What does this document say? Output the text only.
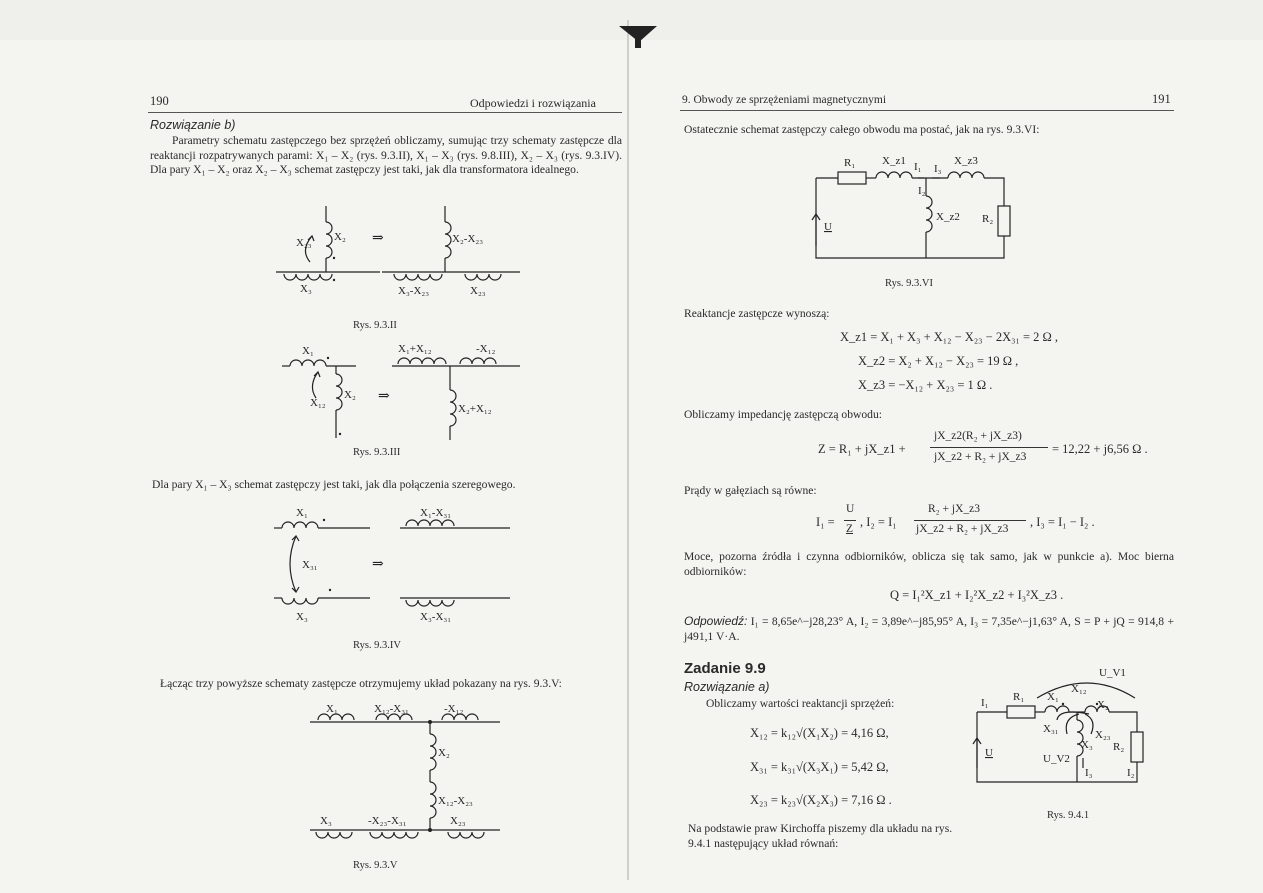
190	Odpowiedzi i rozwiązania
Rozwiązanie b)
Parametry schematu zastępczego bez sprzężeń obliczamy, sumując trzy schematy zastępcze dla reaktancji rozpatrywanych parami: X₁ – X₂ (rys. 9.3.II), X₁ – X₃ (rys. 9.8.III), X₂ – X₃ (rys. 9.3.IV). Dla pary X₁ – X₂ oraz X₂ – X₃ schemat zastępczy jest taki, jak dla transformatora idealnego.
X₂₃ X₂
X₃
⇒	X₂-X₂₃
X₃-X₂₃	X₂₃
Rys. 9.3.II
X₁
X₁₂
X₂ ⇒
X₁+X₁₂	-X₁₂
X₂+X₁₂
Rys. 9.3.III
Dla pary X₁ – X₃ schemat zastępczy jest taki, jak dla połączenia szeregowego.
X₁
X₃₁
X₃
⇒
X₁-X₃₁
X₃-X₃₁
Rys. 9.3.IV
Łącząc trzy powyższe schematy zastępcze otrzymujemy układ pokazany na rys. 9.3.V:
X₁	X₁₂-X₃₁	-X₁₂
X₂
X₁₂-X₂₃
X₃	-X₂₃-X₃₁	X₂₃
Rys. 9.3.V
9. Obwody ze sprzężeniami magnetycznymi	191
Ostatecznie schemat zastępczy całego obwodu ma postać, jak na rys. 9.3.VI:
R₁ X_z1 I₁ I₃
X_z3
I₂
X_z2 R₂
U
Rys. 9.3.VI
Reaktancje zastępcze wynoszą:
X_z1 = X₁ + X₃ + X₁₂ − X₂₃ − 2X₃₁ = 2 Ω ,
X_z2 = X₂ + X₁₂ − X₂₃ = 19 Ω ,
X_z3 = −X₁₂ + X₂₃ = 1 Ω .
Obliczamy impedancję zastępczą obwodu:
Z = R₁ + jX_z1 +
jX_z2(R₂ + jX_z3)
jX_z2 + R₂ + jX_z3
= 12,22 + j6,56 Ω .
Prądy w gałęziach są równe:
I₁ =
U
Z , I₂ = I₁
R₂ + jX_z3
jX_z2 + R₂ + jX_z3 , I₃ = I₁ − I₂ .
Moce, pozorna źródła i czynna odbiorników, oblicza się tak samo, jak w punkcie a). Moc bierna odbiorników:
Q = I₁²X_z1 + I₂²X_z2 + I₃²X_z3 .
Odpowiedź: I₁ = 8,65e^−j28,23° A, I₂ = 3,89e^−j85,95° A, I₃ = 7,35e^−j1,63° A, S = P + jQ = 914,8 + j491,1 V·A.
Zadanie 9.9
Rozwiązanie a)
Obliczamy wartości reaktancji sprzężeń:
X₁₂ = k₁₂√(X₁X₂) = 4,16 Ω,
X₃₁ = k₃₁√(X₃X₁) = 5,42 Ω,
X₂₃ = k₂₃√(X₂X₃) = 7,16 Ω .
Na podstawie praw Kirchoffa piszemy dla układu na rys. 9.4.1 następujący układ równań:
U_V1
I₁ R₁ X₁
X₁₂
X₂
X₃₁	X₂₃
X₃ R₂
U	U_V2
I₃	I₂
Rys. 9.4.1
